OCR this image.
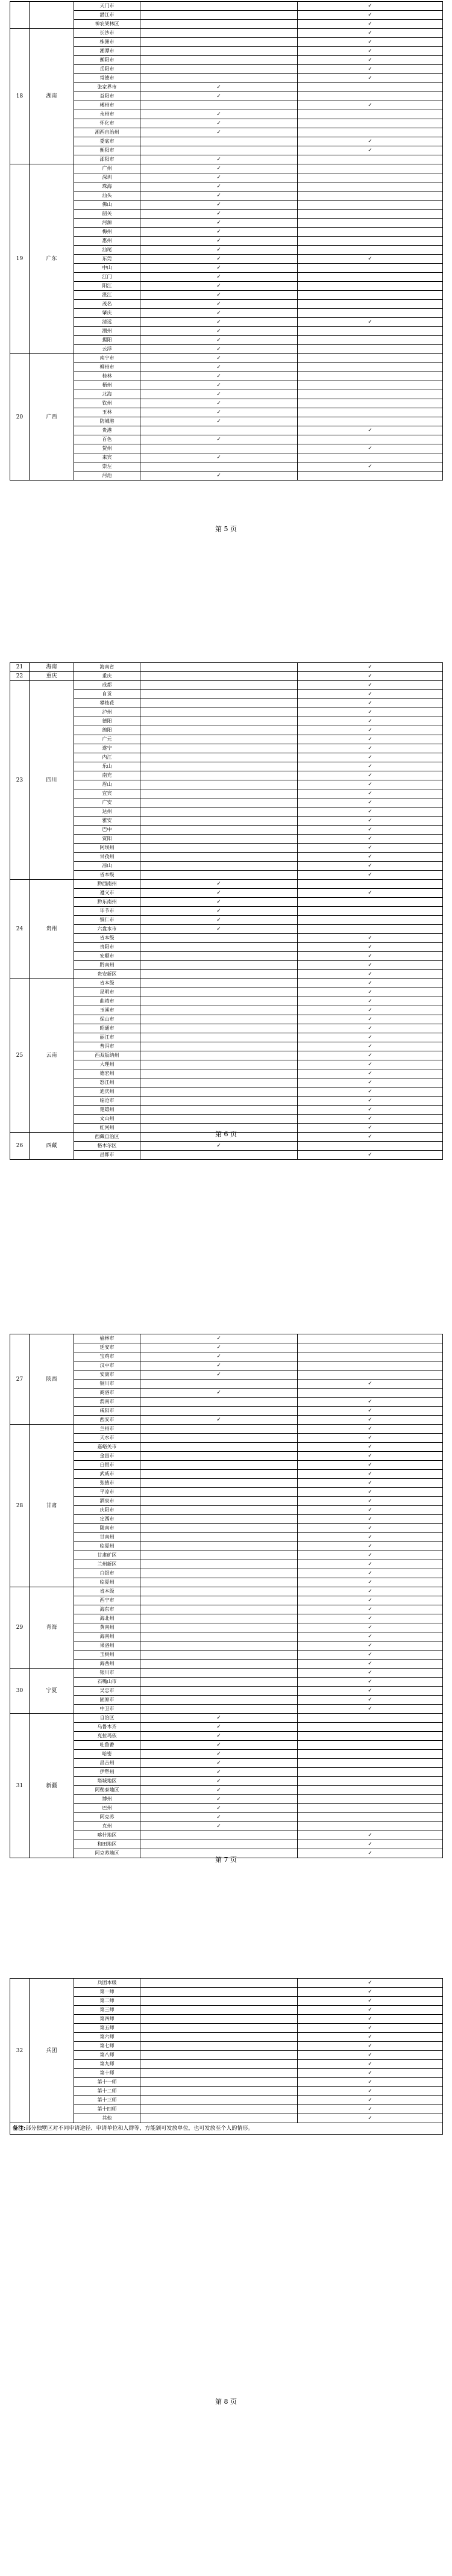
		天门市		✓
		潜江市		✓
		神农架林区		✓
18	湖南	长沙市		✓
		株洲市		✓
		湘潭市		✓
		衡阳市		✓
		岳阳市		✓
		常德市		✓
		张家界市	✓	
		益阳市	✓	
		郴州市		✓
		永州市	✓	
		怀化市	✓	
		湘西自治州	✓	
		娄底市		✓
		衡阳市		✓
		邵阳市	✓	
19	广东	广州	✓	
		深圳	✓	
		珠海	✓	
		汕头	✓	
		佛山	✓	
		韶关	✓	
		河源	✓	
		梅州	✓	
		惠州	✓	
		汕尾	✓	
		东莞	✓	✓
		中山	✓	
		江门	✓	
		阳江	✓	
		湛江	✓	
		茂名	✓	
		肇庆	✓	
		清远	✓	✓
		潮州	✓	
		揭阳	✓	
		云浮	✓	
20	广西	南宁市	✓	
		柳州市	✓	
		桂林	✓	
		梧州	✓	
		北海	✓	
		钦州	✓	
		玉林	✓	
		防城港	✓	
		贵港		✓
		百色	✓	
		贺州		✓
		来宾	✓	
		崇左		✓
		河池	✓	
第 5 页
21	海南	海南省		✓
22	重庆	重庆		✓
23	四川	成都		✓
		自贡		✓
		攀枝花		✓
		泸州		✓
		德阳		✓
		绵阳		✓
		广元		✓
		遂宁		✓
		内江		✓
		乐山		✓
		南充		✓
		眉山		✓
		宜宾		✓
		广安		✓
		达州		✓
		雅安		✓
		巴中		✓
		资阳		✓
		阿坝州		✓
		甘孜州		✓
		凉山		✓
		省本级		✓
24	贵州	黔西南州	✓	
		遵义市	✓	✓
		黔东南州	✓	
		毕节市	✓	
		铜仁市	✓	
		六盘水市	✓	
		省本级		✓
		贵阳市		✓
		安顺市		✓
		黔南州		✓
		贵安新区		✓
25	云南	省本级		✓
		昆明市		✓
		曲靖市		✓
		玉溪市		✓
		保山市		✓
		昭通市		✓
		丽江市		✓
		普洱市		✓
		西双版纳州		✓
		大理州		✓
		德宏州		✓
		怒江州		✓
		迪庆州		✓
		临沧市		✓
		楚雄州		✓
		文山州		✓
		红河州		✓
26	西藏	西藏自治区		✓
		格木尔区	✓	
		昌都市		✓
第 6 页
27	陕西	榆林市	✓	
		延安市	✓	
		宝鸡市	✓	
		汉中市	✓	
		安康市	✓	
		铜川市		✓
		商洛市	✓	
		渭南市		✓
		咸阳市		✓
		西安市	✓	✓
28	甘肃	兰州市		✓
		天水市		✓
		嘉峪关市		✓
		金昌市		✓
		白银市		✓
		武威市		✓
		张掖市		✓
		平凉市		✓
		酒泉市		✓
		庆阳市		✓
		定西市		✓
		陇南市		✓
		甘南州		✓
		临夏州		✓
		甘肃矿区		✓
		兰州新区		✓
		白银市		✓
		临夏州		✓
29	青海	省本级		✓
		西宁市		✓
		海东市		✓
		海北州		✓
		黄南州		✓
		海南州		✓
		果洛州		✓
		玉树州		✓
		海西州		✓
30	宁夏	银川市		✓
		石嘴山市		✓
		吴忠市		✓
		固原市		✓
		中卫市		✓
31	新疆	自治区	✓	
		乌鲁木齐	✓	
		克拉玛依	✓	
		吐鲁番	✓	
		哈密	✓	
		昌吉州	✓	
		伊犁州	✓	
		塔城地区	✓	
		阿勒泰地区	✓	
		博州	✓	
		巴州	✓	
		阿克苏	✓	
		克州	✓	
		喀什地区		✓
		和田地区		✓
		阿克苏地区		✓
第 7 页
32	兵团	兵团本级		✓
		第一师		✓
		第二师		✓
		第三师		✓
		第四师		✓
		第五师		✓
		第六师		✓
		第七师		✓
		第八师		✓
		第九师		✓
		第十师		✓
		第十一师		✓
		第十二师		✓
		第十三师		✓
		第十四师		✓
		其他		✓
备注:部分独墅区对不同申请途径、申请单位和人群等，方能颁可发放单位，也可发放至个人的情形。				
第 8 页
